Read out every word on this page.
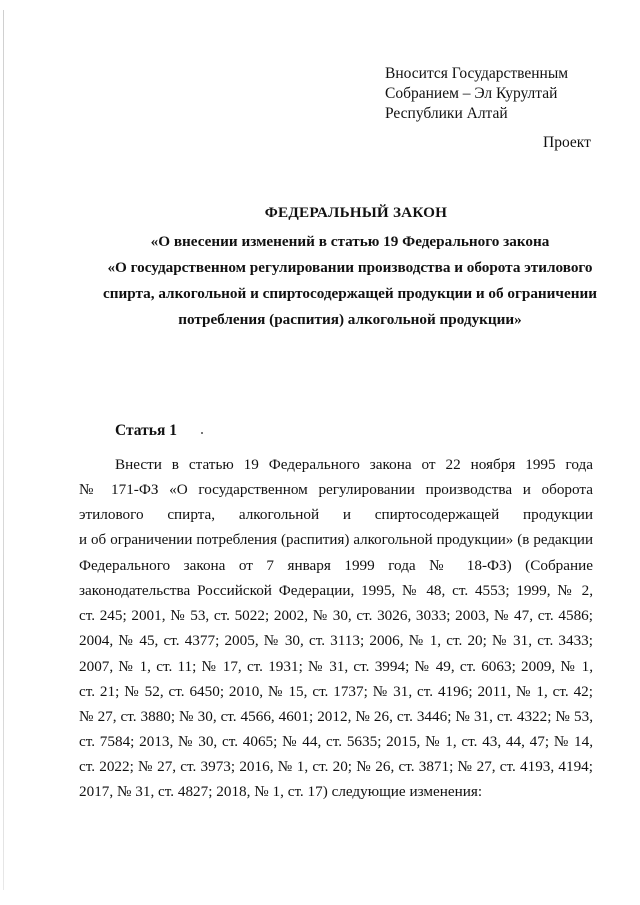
Вносится Государственным
Собранием – Эл Курултай
Республики Алтай
Проект
ФЕДЕРАЛЬНЫЙ ЗАКОН
«О внесении изменений в статью 19 Федерального закона
«О государственном регулировании производства и оборота этилового
спирта, алкогольной и спиртосодержащей продукции и об ограничении
потребления (распития) алкогольной продукции»
Статья 1
Внести в статью 19 Федерального закона от 22 ноября 1995 года
№ 171-ФЗ «О государственном регулировании производства и оборота
этилового спирта, алкогольной и спиртосодержащей продукции
и об ограничении потребления (распития) алкогольной продукции» (в редакции
Федерального закона от 7 января 1999 года № 18-ФЗ) (Собрание
законодательства Российской Федерации, 1995, № 48, ст. 4553; 1999, № 2,
ст. 245; 2001, № 53, ст. 5022; 2002, № 30, ст. 3026, 3033; 2003, № 47, ст. 4586;
2004, № 45, ст. 4377; 2005, № 30, ст. 3113; 2006, № 1, ст. 20; № 31, ст. 3433;
2007, № 1, ст. 11; № 17, ст. 1931; № 31, ст. 3994; № 49, ст. 6063; 2009, № 1,
ст. 21; № 52, ст. 6450; 2010, № 15, ст. 1737; № 31, ст. 4196; 2011, № 1, ст. 42;
№ 27, ст. 3880; № 30, ст. 4566, 4601; 2012, № 26, ст. 3446; № 31, ст. 4322; № 53,
ст. 7584; 2013, № 30, ст. 4065; № 44, ст. 5635; 2015, № 1, ст. 43, 44, 47; № 14,
ст. 2022; № 27, ст. 3973; 2016, № 1, ст. 20; № 26, ст. 3871; № 27, ст. 4193, 4194;
2017, № 31, ст. 4827; 2018, № 1, ст. 17) следующие изменения:
